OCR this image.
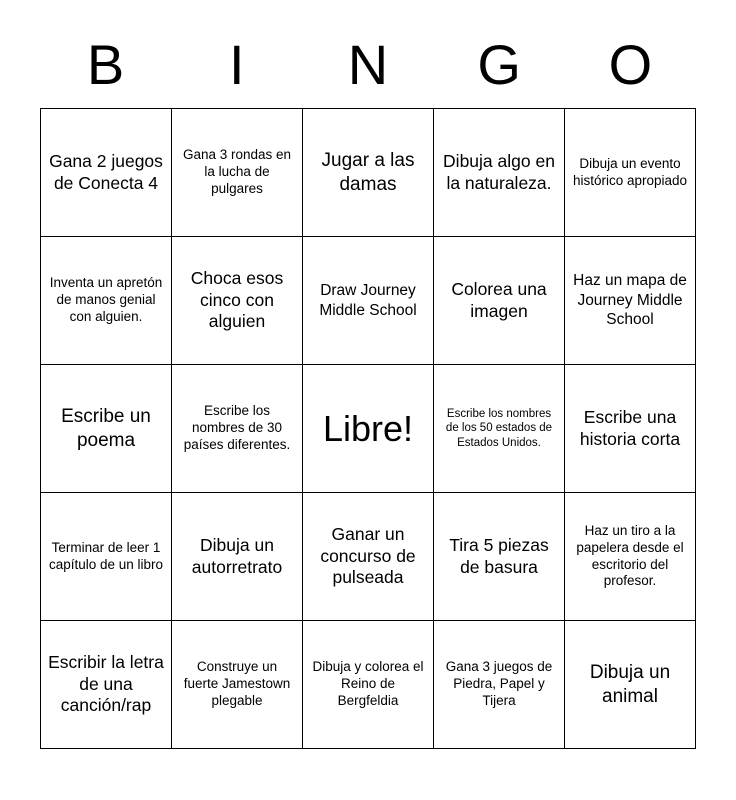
B	I	N	G	O
Gana 2 juegos de Conecta 4	Gana 3 rondas en la lucha de pulgares	Jugar a las damas	Dibuja algo en la naturaleza.	Dibuja un evento histórico apropiado
Inventa un apretón de manos genial con alguien.	Choca esos cinco con alguien	Draw Journey Middle School	Colorea una imagen	Haz un mapa de Journey Middle School
Escribe un poema	Escribe los nombres de 30 países diferentes.	Libre!	Escribe los nombres de los 50 estados de Estados Unidos.	Escribe una historia corta
Terminar de leer 1 capítulo de un libro	Dibuja un autorretrato	Ganar un concurso de pulseada	Tira 5 piezas de basura	Haz un tiro a la papelera desde el escritorio del profesor.
Escribir la letra de una canción/rap	Construye un fuerte Jamestown plegable	Dibuja y colorea el Reino de Bergfeldia	Gana 3 juegos de Piedra, Papel y Tijera	Dibuja un animal
